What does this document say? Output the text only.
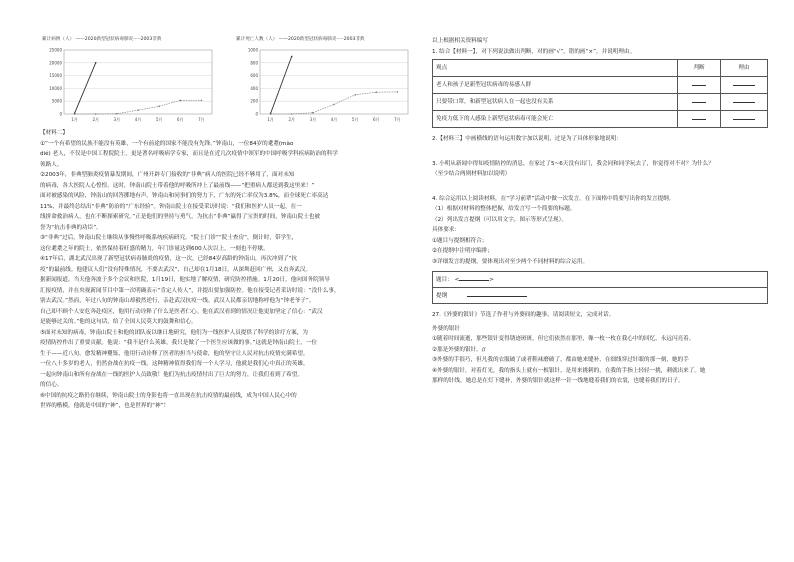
累计病例（人） ——2020新型冠状病毒肺炎·····2003非典	累计死亡人数（人） ——2020新型冠状病毒肺炎·····2003非典
25000
20000
15000
10000
5000
0
1月	2月	3月	4月	5月	6月	7月
1000
800
600
400
200
0
1月	2月	3月	4月	5月	6月	7月

【材料二】

①“一个有希望的民族不能没有英雄，一个有前途的国家不能没有先锋。”钟南山，一位84岁的耄耋(mào

dié) 老人，不仅是中国工程院院士，更是著名呼吸病学专家，而且是在近几次疫情中领军的中国呼吸学科疾病防治的科学

领路人。

②2003年，非典型肺炎疫情暴发期间，广州开辟专门接收的“非典”病人的医院已经不够用了，面对未知

的病毒，各大医院人心惶惶。这时，钟南山院士带着他的呼吸所冲上了最前线——“把重病人都送到我这里来！”

面对被感染的风险，钟南山的回答掷地有声。钟南山和同事们的努力下，广东的死亡率仅为3.8%，而全球死亡率高达

11%，并最终总结出“非典”防治的“广东经验”。钟南山院士在接受采访时说：“我们和医护人员一起，在一

线拼命救治病人，也在不断探索研究。”正是他们的坚持与勇气，为抗击“非典”赢得了宝贵的时间，钟南山院士也被

誉为“抗击非典的功臣”。

③“非典”过后，钟南山院士继续从事慢性呼吸系统疾病研究。“院士门诊”“院士查房”，倒计时，带学生，

这位耄耋之年的院士，依然保持着旺盛的精力，年门诊量达到600人次以上，一刻也不停歇。

④17年后，湖北武汉出现了新型冠状病毒肺炎的疫情，这一次，已经84岁高龄的钟南山，再次冲到了“抗

疫”的最前线。他建议人们“没有特殊情况，不要去武汉”，自己却在1月18日，从深圳赶回广州，又直奔武汉。

据新闻报道，当天他奔波于多个会议和医院，1月19日，他实地了解疫情，研究防控措施。1月20日，他向国务院领导

汇报疫情，并在央视新闻节目中第一次明确表示“肯定人传人”，并提出要加强防控。他在接受记者采访时说：“没什么事，

别去武汉。”然而，年过八旬的钟南山却毅然逆行，亲赴武汉抗疫一线。武汉人民都亲切地称呼他为“钟老爷子”。

自己却不顾个人安危奔赴疫区，他用行动诠释了什么是医者仁心。他在武汉看到的情况让他更加坚定了信心：“武汉

是能够过关的。”他的这句话，给了全国人民莫大的鼓舞和信心。

⑤面对未知的病毒，钟南山院士和他的团队夜以继日地研究，他们为一线医护人员提供了科学的诊疗方案，为

疫情防控作出了重要贡献。他说：“我不是什么英雄，我只是做了一个医生应该做的事。”这就是钟南山院士，一位

生于——近八旬，愈发精神矍铄，他用行动诠释了医者的担当与使命，他的坚守让人民对抗击疫情充满希望。

一位八十多岁的老人，仍然奋战在抗疫一线，这种精神值得我们每一个人学习，他就是我们心中真正的英雄。

一起向钟南山和所有奋战在一线的医护人员致敬！他们为抗击疫情付出了巨大的努力，让我们看到了希望。

的信心。

⑥中国的抗疫之路仍在继续，钟南山院士的身影也将一直出现在抗击疫情的最前线，成为中国人民心中的

世界的楷模，他就是中国的“神”，也是世界的“神”！

以上根据相关资料编写

1. 结合【材料一】，对下列说法做出判断，对的画“√”，错的画“×”，并说明理由。

观点	判断	理由
老人和孩子是新型冠状病毒的易感人群		
只要带口罩，和新型冠状病人在一起也没有关系		
免疫力低下的人感染上新型冠状病毒可能会死亡		

2.【材料三】中画横线的语句运用数字加以说明，过是为了具体形象地说明：

3. 小明从新闻中得知疫情防控的消息，在家过了5~6天没有出门，我会同和同学玩去了，你觉得对不对？为什么？

（至少结合两则材料加以说明）

4. 综合运用以上阅读材料，在“学习前辈”活动中做一次发言，在下面格中简要写出你的发言提纲。

（1）根据对材料的整体把握，给发言写一个简要的标题。

（2）列出发言提纲（可以用文字，图示等形式呈现）。

具体要求：

①题目与提纲相符合；

②在提纲中注明序编排；

③详细发言的提纲，要体现出对至少两个不同材料的综合运用。

题目： <	>
提纲

27.《外婆的银针》节选了作者与外婆间的趣事。请阅读短文，完成对话。

外婆的银针

①随着时间流逝，那些银针变得锈迹斑斑，但它们依然在那里，像一枚一枚在我心中的回忆，永远闪亮着。

②那是外婆的银针。//

③外婆的手很巧，但凡我的衣服破了或者鞋袜磨破了，都由她来缝补，在细线穿过针眼的那一刻，她的手

④外婆的银针，对着灯光，我的指头上就有一根银针，是用来挑刺的，在我的手指上轻轻一挑，刺就出来了。她

那样的针线，她总是在灯下缝补，外婆的银针就这样一针一线地缝着我们的衣裳，也缝着我们的日子。
